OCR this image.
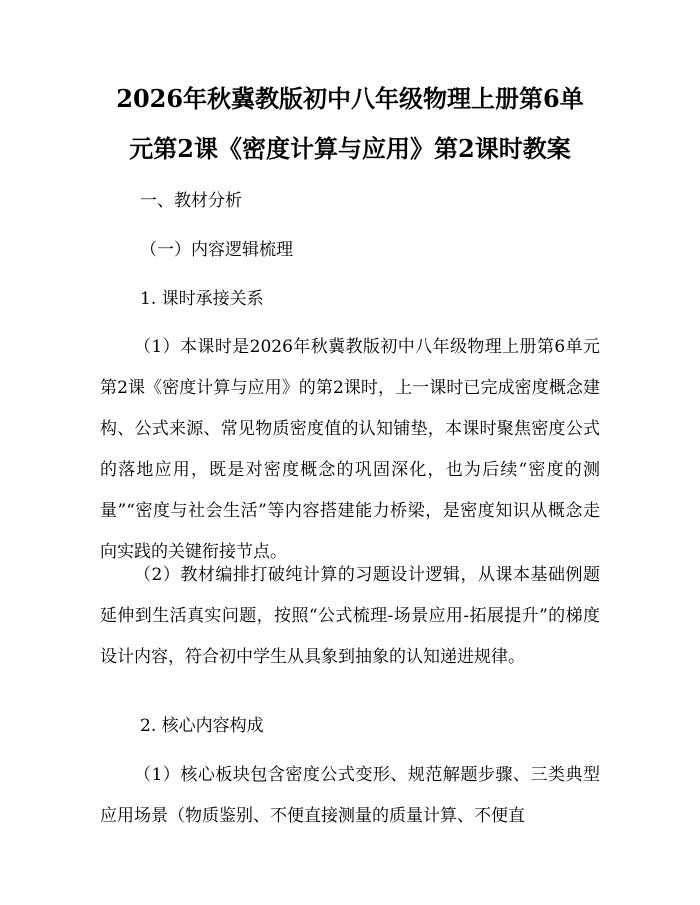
2026年秋冀教版初中八年级物理上册第6单
元第2课《密度计算与应用》第2课时教案
一、教材分析
（一）内容逻辑梳理
1. 课时承接关系

（1）本课时是2026年秋冀教版初中八年级物理上册第6单元第2课《密度计算与应用》的第2课时，上一课时已完成密度概念建构、公式来源、常见物质密度值的认知铺垫，本课时聚焦密度公式的落地应用，既是对密度概念的巩固深化，也为后续“密度的测量”“密度与社会生活”等内容搭建能力桥梁，是密度知识从概念走向实践的关键衔接节点。

（2）教材编排打破纯计算的习题设计逻辑，从课本基础例题延伸到生活真实问题，按照“公式梳理-场景应用-拓展提升”的梯度设计内容，符合初中学生从具象到抽象的认知递进规律。

2. 核心内容构成

（1）核心板块包含密度公式变形、规范解题步骤、三类典型应用场景（物质鉴别、不便直接测量的质量计算、不便直
